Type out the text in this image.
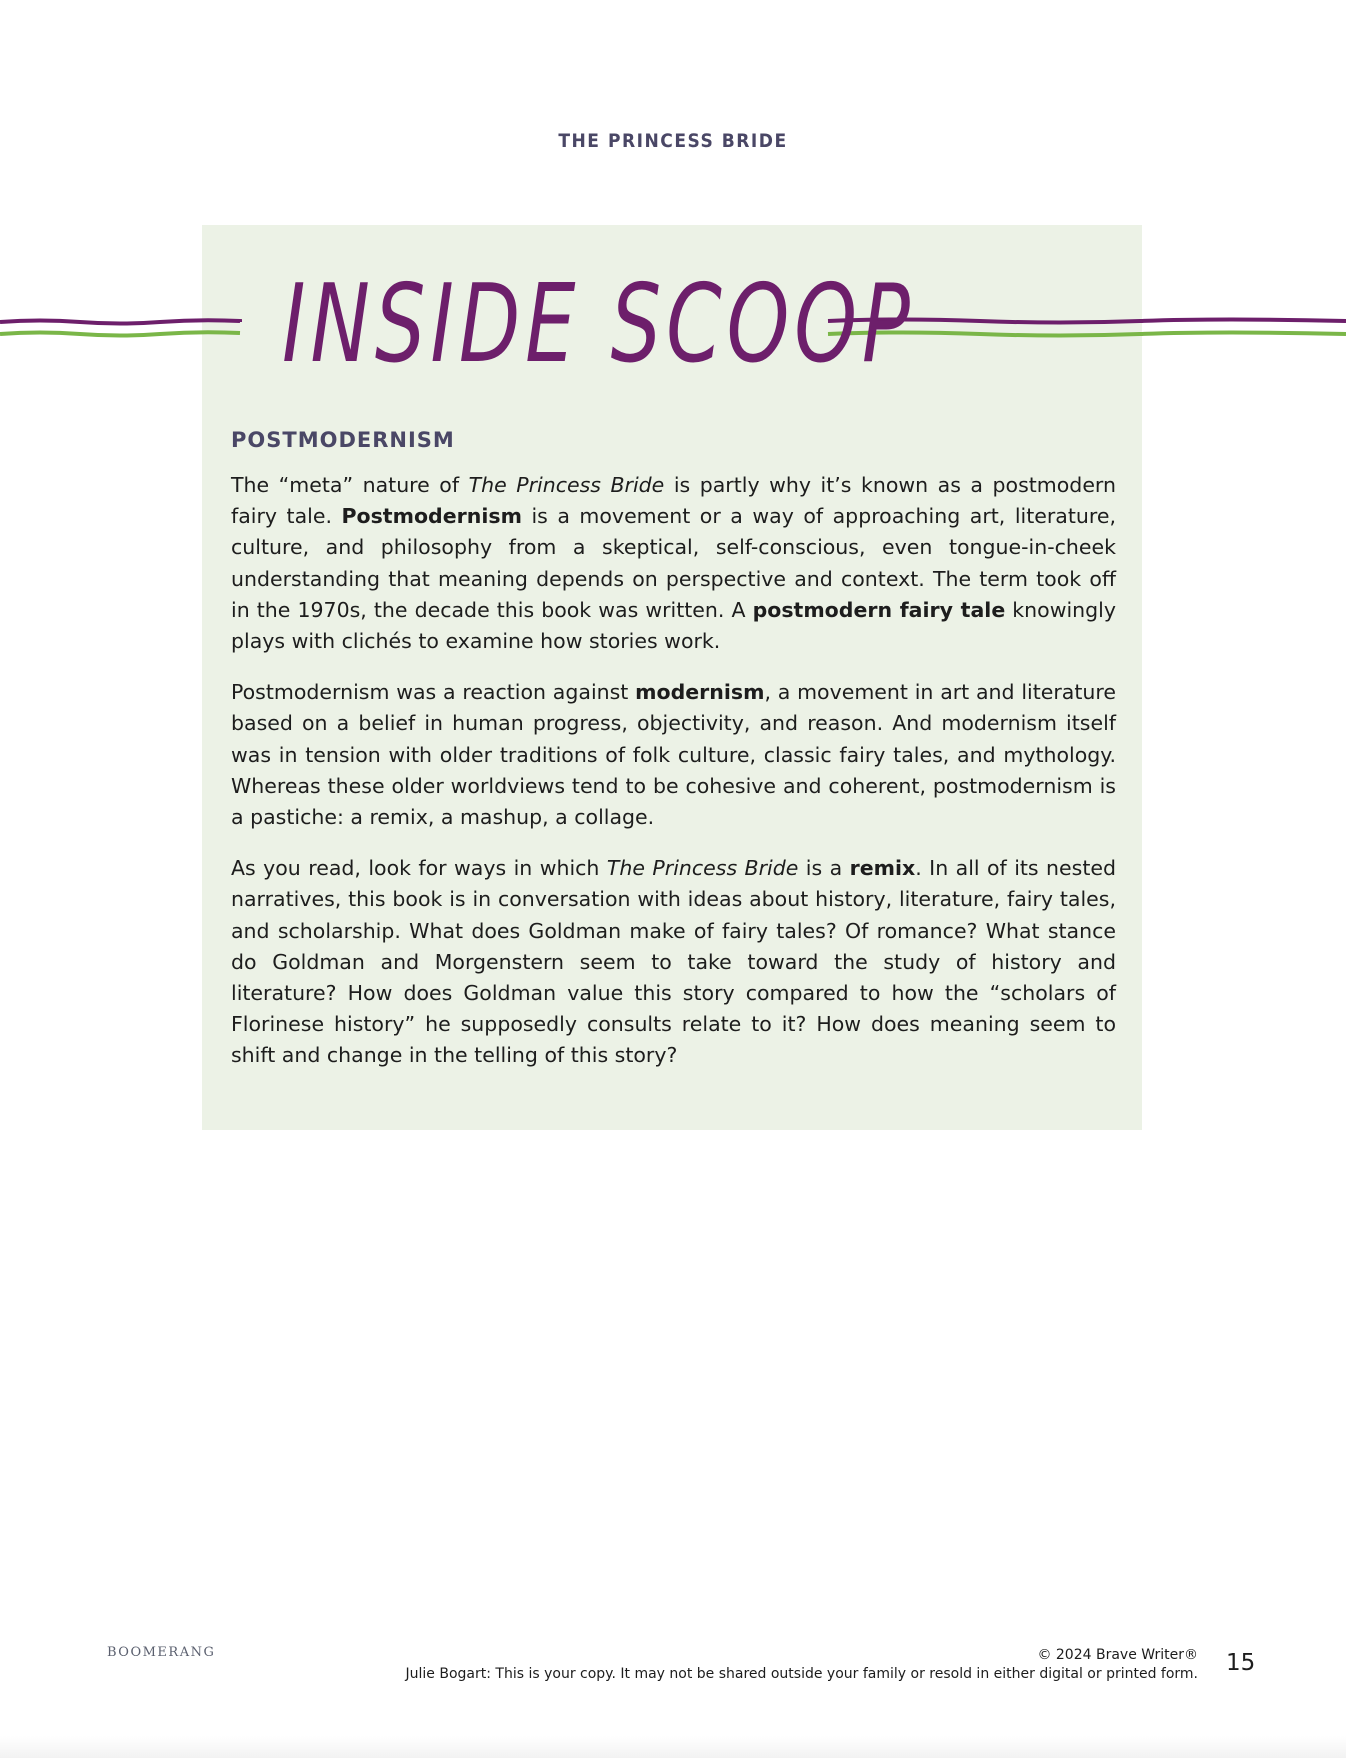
THE PRINCESS BRIDE
INSIDE SCOOP
POSTMODERNISM

The “meta” nature of The Princess Bride is partly why it’s known as a postmodern fairy tale. Postmodernism is a movement or a way of approaching art, literature, culture, and philosophy from a skeptical, self-conscious, even tongue-in-cheek understanding that meaning depends on perspective and context. The term took off in the 1970s, the decade this book was written. A postmodern fairy tale knowingly plays with clichés to examine how stories work.

Postmodernism was a reaction against modernism, a movement in art and literature based on a belief in human progress, objectivity, and reason. And modernism itself was in tension with older traditions of folk culture, classic fairy tales, and mythology. Whereas these older worldviews tend to be cohesive and coherent, postmodernism is a pastiche: a remix, a mashup, a collage.

As you read, look for ways in which The Princess Bride is a remix. In all of its nested narratives, this book is in conversation with ideas about history, literature, fairy tales, and scholarship. What does Goldman make of fairy tales? Of romance? What stance do Goldman and Morgenstern seem to take toward the study of history and literature? How does Goldman value this story compared to how the “scholars of Florinese history” he supposedly consults relate to it? How does meaning seem to shift and change in the telling of this story?

BOOMERANG	© 2024 Brave Writer®
Julie Bogart: This is your copy. It may not be shared outside your family or resold in either digital or printed form. 15
